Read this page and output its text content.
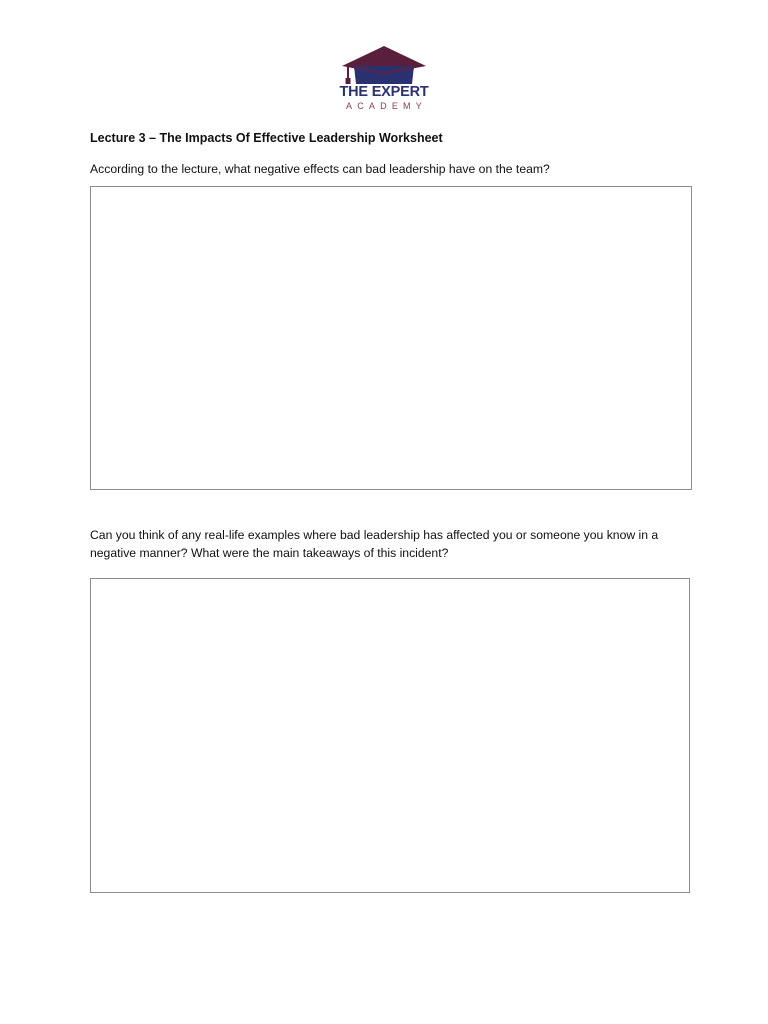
THE EXPERT
ACADEMY
Lecture 3 – The Impacts Of Effective Leadership Worksheet
According to the lecture, what negative effects can bad leadership have on the team?
Can you think of any real-life examples where bad leadership has affected you or someone you know in a negative manner? What were the main takeaways of this incident?
